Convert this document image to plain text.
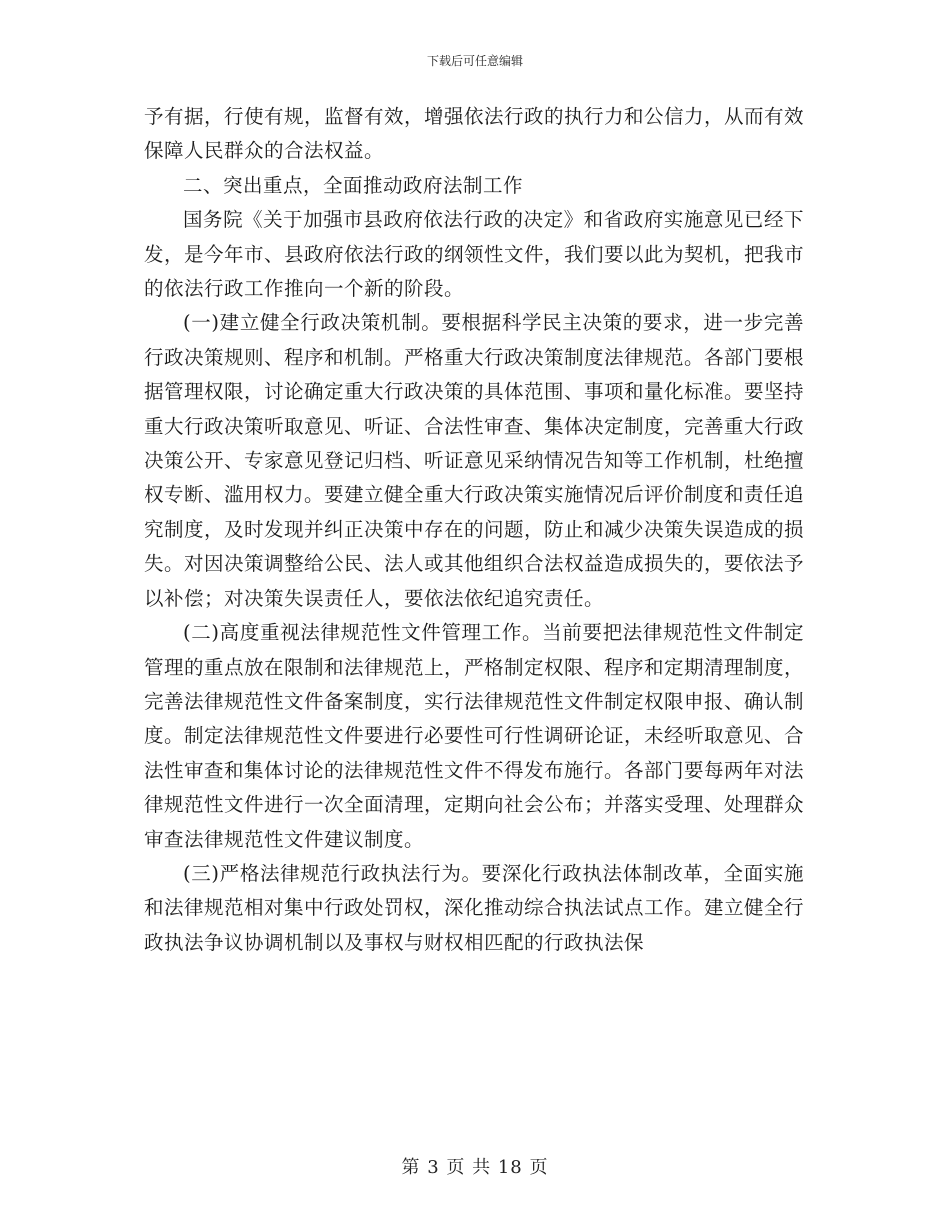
下载后可任意编辑

予有据，行使有规，监督有效，增强依法行政的执行力和公信力，从而有效保障人民群众的合法权益。

二、突出重点，全面推动政府法制工作

国务院《关于加强市县政府依法行政的决定》和省政府实施意见已经下发，是今年市、县政府依法行政的纲领性文件，我们要以此为契机，把我市的依法行政工作推向一个新的阶段。

(一)建立健全行政决策机制。要根据科学民主决策的要求，进一步完善行政决策规则、程序和机制。严格重大行政决策制度法律规范。各部门要根据管理权限，讨论确定重大行政决策的具体范围、事项和量化标准。要坚持重大行政决策听取意见、听证、合法性审查、集体决定制度，完善重大行政决策公开、专家意见登记归档、听证意见采纳情况告知等工作机制，杜绝擅权专断、滥用权力。要建立健全重大行政决策实施情况后评价制度和责任追究制度，及时发现并纠正决策中存在的问题，防止和减少决策失误造成的损失。对因决策调整给公民、法人或其他组织合法权益造成损失的，要依法予以补偿；对决策失误责任人，要依法依纪追究责任。

(二)高度重视法律规范性文件管理工作。当前要把法律规范性文件制定管理的重点放在限制和法律规范上，严格制定权限、程序和定期清理制度，完善法律规范性文件备案制度，实行法律规范性文件制定权限申报、确认制度。制定法律规范性文件要进行必要性可行性调研论证，未经听取意见、合法性审查和集体讨论的法律规范性文件不得发布施行。各部门要每两年对法律规范性文件进行一次全面清理，定期向社会公布；并落实受理、处理群众审查法律规范性文件建议制度。

(三)严格法律规范行政执法行为。要深化行政执法体制改革，全面实施和法律规范相对集中行政处罚权，深化推动综合执法试点工作。建立健全行政执法争议协调机制以及事权与财权相匹配的行政执法保

第 3 页 共 18 页
